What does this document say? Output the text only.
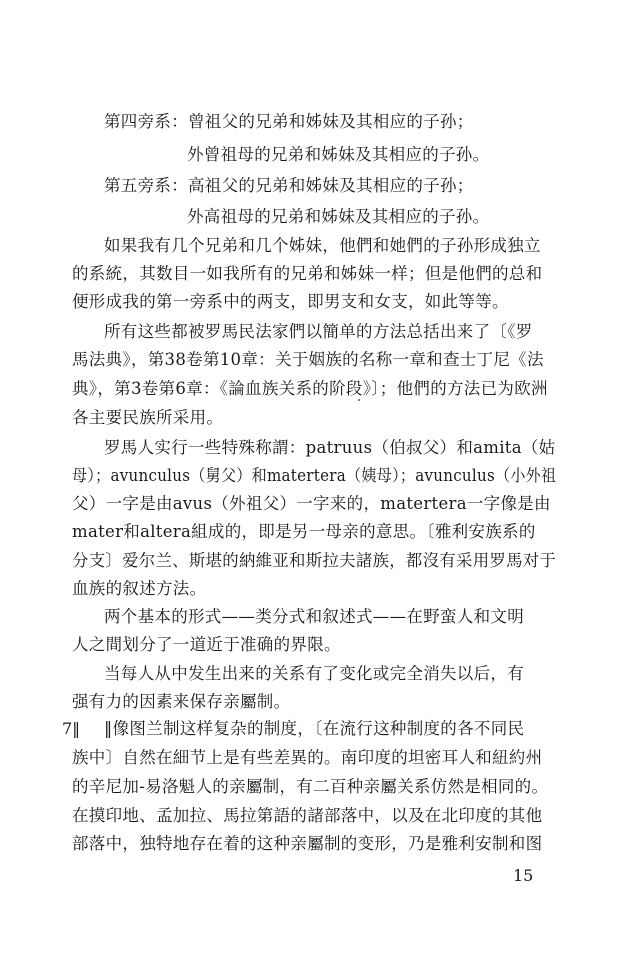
第四旁系：曾祖父的兄弟和姊妹及其相应的子孙；
外曾祖母的兄弟和姊妹及其相应的子孙。
第五旁系：高祖父的兄弟和姊妹及其相应的子孙；
外高祖母的兄弟和姊妹及其相应的子孙。
如果我有几个兄弟和几个姊妹，他們和她們的子孙形成独立
的系統，其数目一如我所有的兄弟和姊妹一样；但是他們的总和
便形成我的第一旁系中的两支，即男支和女支，如此等等。
所有这些都被罗馬民法家們以簡单的方法总括出来了〔《罗
馬法典》，第38卷第10章：关于姻族的名称一章和查士丁尼《法
典》，第3卷第6章：《論血族关系的阶段》〕；他們的方法已为欧洲
各主要民族所采用。
罗馬人实行一些特殊称謂：patruus（伯叔父）和amita（姑
母）；avunculus（舅父）和matertera（姨母）；avunculus（小外祖
父）一字是由avus（外祖父）一字来的，matertera一字像是由
mater和altera組成的，即是另一母亲的意思。〔雅利安族系的
分支〕爱尔兰、斯堪的納維亚和斯拉夫諸族，都沒有采用罗馬对于
血族的叙述方法。
两个基本的形式——类分式和叙述式——在野蛮人和文明
人之間划分了一道近于准确的界限。
当每人从中发生出来的关系有了变化或完全消失以后，有
强有力的因素来保存亲屬制。
‖像图兰制这样复杂的制度，〔在流行这种制度的各不同民
族中〕自然在細节上是有些差異的。南印度的坦密耳人和紐約州
的辛尼加-易洛魁人的亲屬制，有二百种亲屬关系仿然是相同的。
在摸印地、孟加拉、馬拉第語的諸部落中，以及在北印度的其他
部落中，独特地存在着的这种亲屬制的变形，乃是雅利安制和图
7‖
15
